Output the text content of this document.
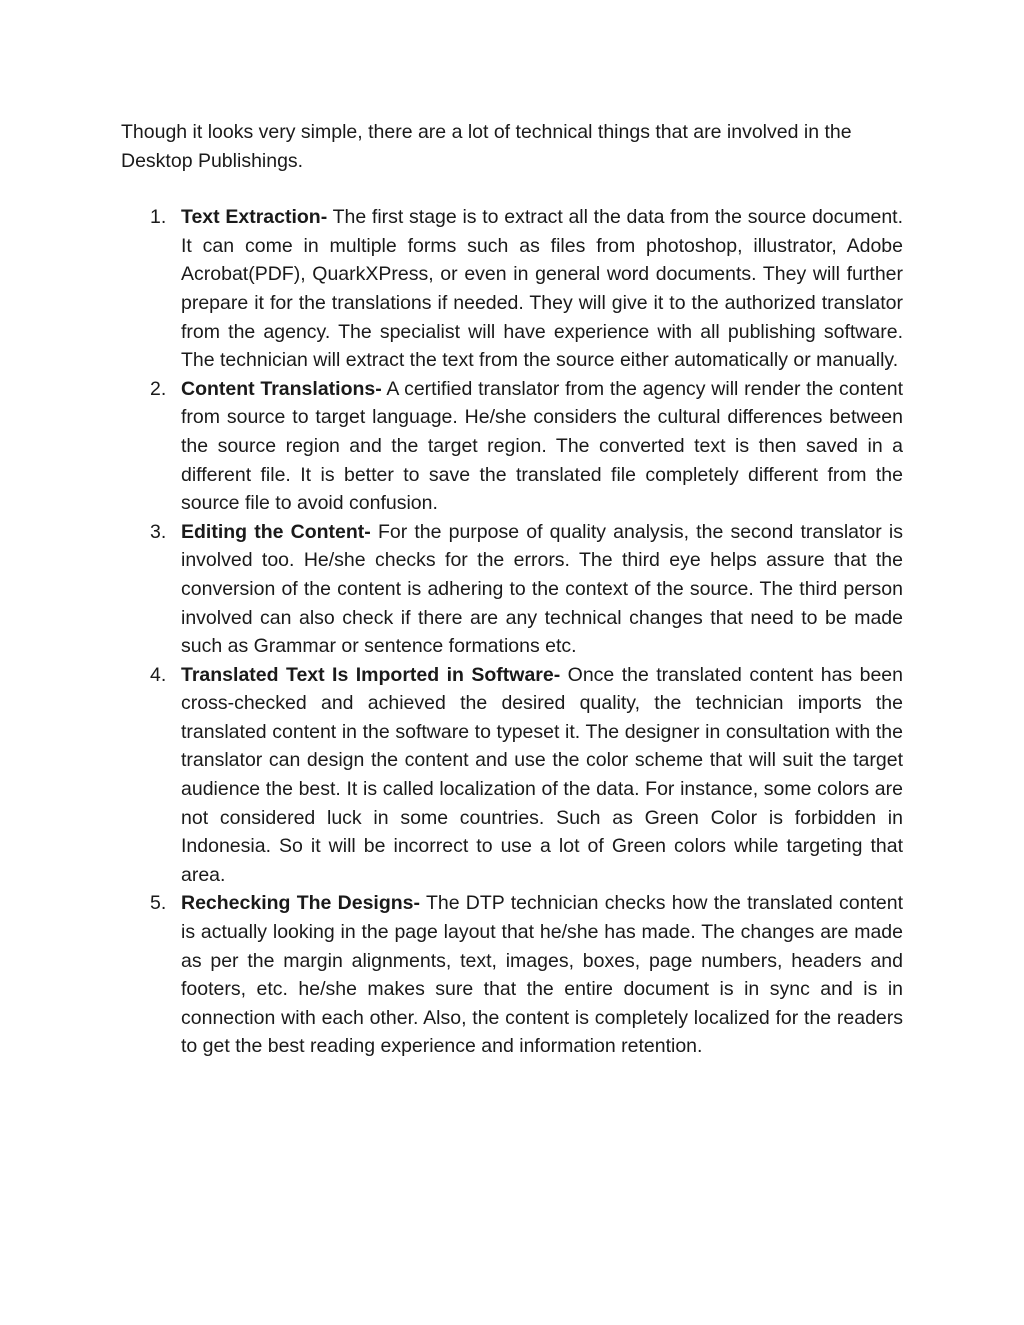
Though it looks very simple, there are a lot of technical things that are involved in the Desktop Publishings.

1. Text Extraction- The first stage is to extract all the data from the source document. It can come in multiple forms such as files from photoshop, illustrator, Adobe Acrobat(PDF), QuarkXPress, or even in general word documents. They will further prepare it for the translations if needed. They will give it to the authorized translator from the agency. The specialist will have experience with all publishing software. The technician will extract the text from the source either automatically or manually.
2. Content Translations- A certified translator from the agency will render the content from source to target language. He/she considers the cultural differences between the source region and the target region. The converted text is then saved in a different file. It is better to save the translated file completely different from the source file to avoid confusion.
3. Editing the Content- For the purpose of quality analysis, the second translator is involved too. He/she checks for the errors. The third eye helps assure that the conversion of the content is adhering to the context of the source. The third person involved can also check if there are any technical changes that need to be made such as Grammar or sentence formations etc.
4. Translated Text Is Imported in Software- Once the translated content has been cross-checked and achieved the desired quality, the technician imports the translated content in the software to typeset it. The designer in consultation with the translator can design the content and use the color scheme that will suit the target audience the best. It is called localization of the data. For instance, some colors are not considered luck in some countries. Such as Green Color is forbidden in Indonesia. So it will be incorrect to use a lot of Green colors while targeting that area.
5. Rechecking The Designs- The DTP technician checks how the translated content is actually looking in the page layout that he/she has made. The changes are made as per the margin alignments, text, images, boxes, page numbers, headers and footers, etc. he/she makes sure that the entire document is in sync and is in connection with each other. Also, the content is completely localized for the readers to get the best reading experience and information retention.
